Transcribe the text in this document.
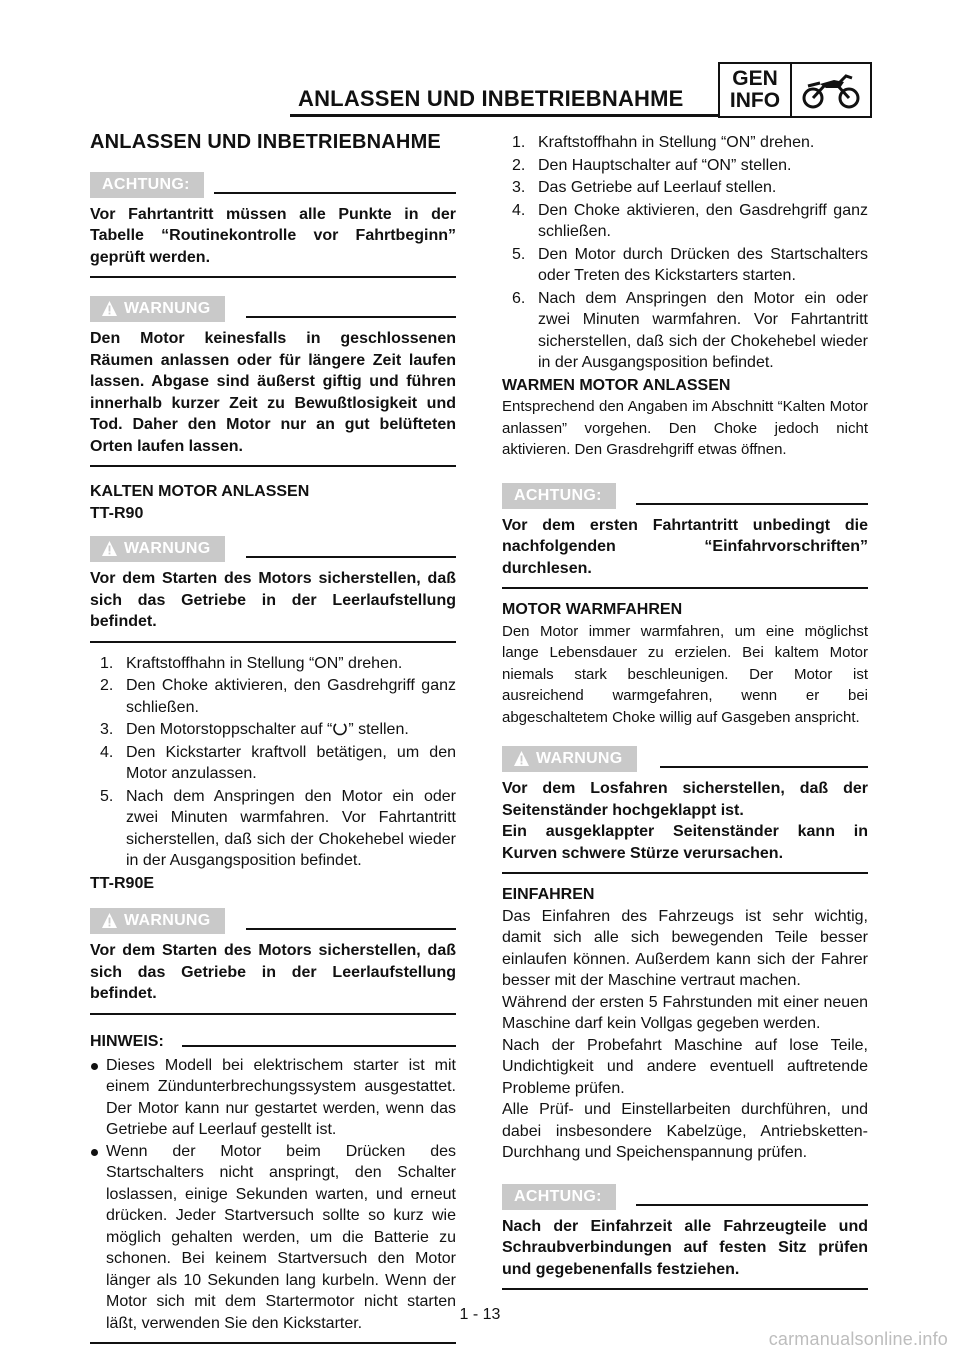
ANLASSEN UND INBETRIEBNAHME
GEN
INFO
ANLASSEN UND INBETRIEBNAHME
ACHTUNG:
Vor Fahrtantritt müssen alle Punkte in der Tabelle “Routinekontrolle vor Fahrtbeginn” geprüft werden.
WARNUNG
Den Motor keinesfalls in geschlossenen Räumen anlassen oder für längere Zeit laufen lassen. Abgase sind äußerst giftig und führen innerhalb kurzer Zeit zu Bewußtlosigkeit und Tod. Daher den Motor nur an gut belüfteten Orten laufen lassen.

KALTEN MOTOR ANLASSEN

TT-R90

WARNUNG
Vor dem Starten des Motors sicherstellen, daß sich das Getriebe in der Leerlaufstellung befindet.
1. Kraftstoffhahn in Stellung “ON” drehen.
2. Den Choke aktivieren, den Gasdrehgriff ganz schließen.
3. Den Motorstoppschalter auf “ ” stellen.
4. Den Kickstarter kraftvoll betätigen, um den Motor anzulassen.
5. Nach dem Anspringen den Motor ein oder zwei Minuten warmfahren. Vor Fahrtantritt sicherstellen, daß sich der Chokehebel wieder in der Ausgangsposition befindet.

TT-R90E

WARNUNG
Vor dem Starten des Motors sicherstellen, daß sich das Getriebe in der Leerlaufstellung befindet.
HINWEIS:
Dieses Modell bei elektrischem starter ist mit einem Zündunterbrechungssystem ausgestattet. Der Motor kann nur gestartet werden, wenn das Getriebe auf Leerlauf gestellt ist.
Wenn der Motor beim Drücken des Startschalters nicht anspringt, den Schalter loslassen, einige Sekunden warten, und erneut drücken. Jeder Startversuch sollte so kurz wie möglich gehalten werden, um die Batterie zu schonen. Bei keinem Startversuch den Motor länger als 10 Sekunden lang kurbeln. Wenn der Motor sich mit dem Startermotor nicht starten läßt, verwenden Sie den Kickstarter.
1. Kraftstoffhahn in Stellung “ON” drehen.
2. Den Hauptschalter auf “ON” stellen.
3. Das Getriebe auf Leerlauf stellen.
4. Den Choke aktivieren, den Gasdrehgriff ganz schließen.
5. Den Motor durch Drücken des Startschalters oder Treten des Kickstarters starten.
6. Nach dem Anspringen den Motor ein oder zwei Minuten warmfahren. Vor Fahrtantritt sicherstellen, daß sich der Chokehebel wieder in der Ausgangsposition befindet.

WARMEN MOTOR ANLASSEN

Entsprechend den Angaben im Abschnitt “Kalten Motor anlassen” vorgehen. Den Choke jedoch nicht aktivieren. Den Grasdrehgriff etwas öffnen.

ACHTUNG:
Vor dem ersten Fahrtantritt unbedingt die nachfolgenden “Einfahrvorschriften” durchlesen.

MOTOR WARMFAHREN

Den Motor immer warmfahren, um eine möglichst lange Lebensdauer zu erzielen. Bei kaltem Motor niemals stark beschleunigen. Der Motor ist ausreichend warmgefahren, wenn er bei abgeschaltetem Choke willig auf Gasgeben anspricht.

WARNUNG
Vor dem Losfahren sicherstellen, daß der Seitenständer hochgeklappt ist.
Ein ausgeklappter Seitenständer kann in Kurven schwere Stürze verursachen.

EINFAHREN

Das Einfahren des Fahrzeugs ist sehr wichtig, damit sich alle sich bewegenden Teile besser einlaufen können. Außerdem kann sich der Fahrer besser mit der Maschine vertraut machen.

Während der ersten 5 Fahrstunden mit einer neuen Maschine darf kein Vollgas gegeben werden.

Nach der Probefahrt Maschine auf lose Teile, Undichtigkeit und andere eventuell auftretende Probleme prüfen.

Alle Prüf- und Einstellarbeiten durchführen, und dabei insbesondere Kabelzüge, Antriebsketten-Durchhang und Speichenspannung prüfen.

ACHTUNG:
Nach der Einfahrzeit alle Fahrzeugteile und Schraubverbindungen auf festen Sitz prüfen und gegebenenfalls festziehen.
1 - 13
carmanualsonline.info
